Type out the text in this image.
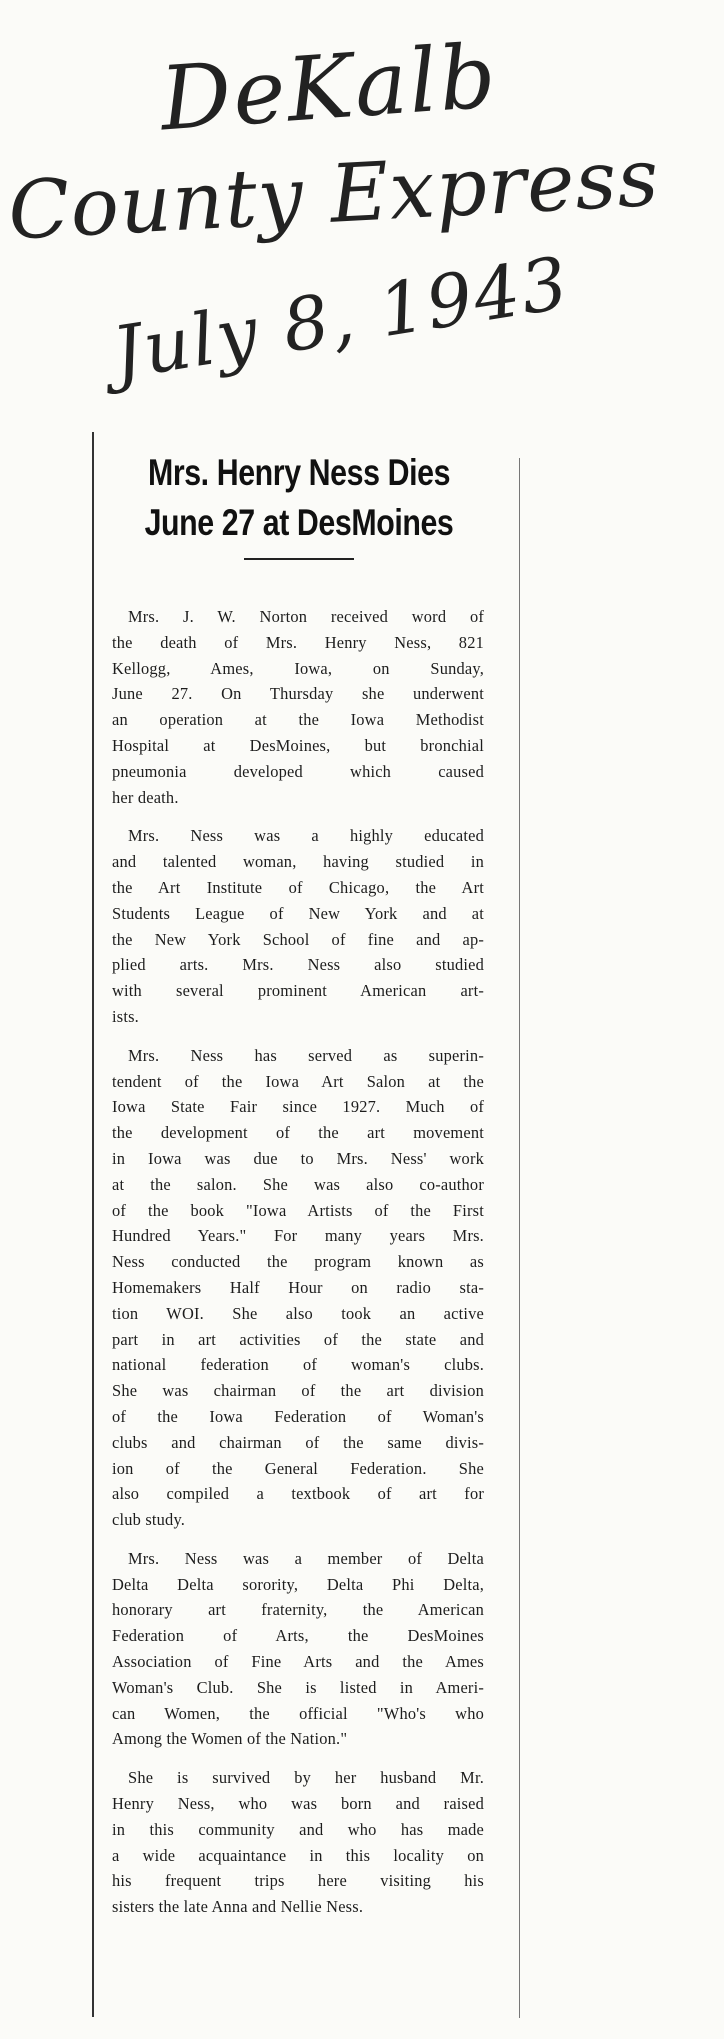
DeKalb
County Express
July 8, 1943
Mrs. Henry Ness Dies
June 27 at DesMoines
Mrs. J. W. Norton received word of
the death of Mrs. Henry Ness, 821
Kellogg, Ames, Iowa, on Sunday,
June 27. On Thursday she underwent
an operation at the Iowa Methodist
Hospital at DesMoines, but bronchial
pneumonia developed which caused
her death.
Mrs. Ness was a highly educated
and talented woman, having studied in
the Art Institute of Chicago, the Art
Students League of New York and at
the New York School of fine and ap-
plied arts. Mrs. Ness also studied
with several prominent American art-
ists.
Mrs. Ness has served as superin-
tendent of the Iowa Art Salon at the
Iowa State Fair since 1927. Much of
the development of the art movement
in Iowa was due to Mrs. Ness' work
at the salon. She was also co-author
of the book "Iowa Artists of the First
Hundred Years." For many years Mrs.
Ness conducted the program known as
Homemakers Half Hour on radio sta-
tion WOI. She also took an active
part in art activities of the state and
national federation of woman's clubs.
She was chairman of the art division
of the Iowa Federation of Woman's
clubs and chairman of the same divis-
ion of the General Federation. She
also compiled a textbook of art for
club study.
Mrs. Ness was a member of Delta
Delta Delta sorority, Delta Phi Delta,
honorary art fraternity, the American
Federation of Arts, the DesMoines
Association of Fine Arts and the Ames
Woman's Club. She is listed in Ameri-
can Women, the official "Who's who
Among the Women of the Nation."
She is survived by her husband Mr.
Henry Ness, who was born and raised
in this community and who has made
a wide acquaintance in this locality on
his frequent trips here visiting his
sisters the late Anna and Nellie Ness.
